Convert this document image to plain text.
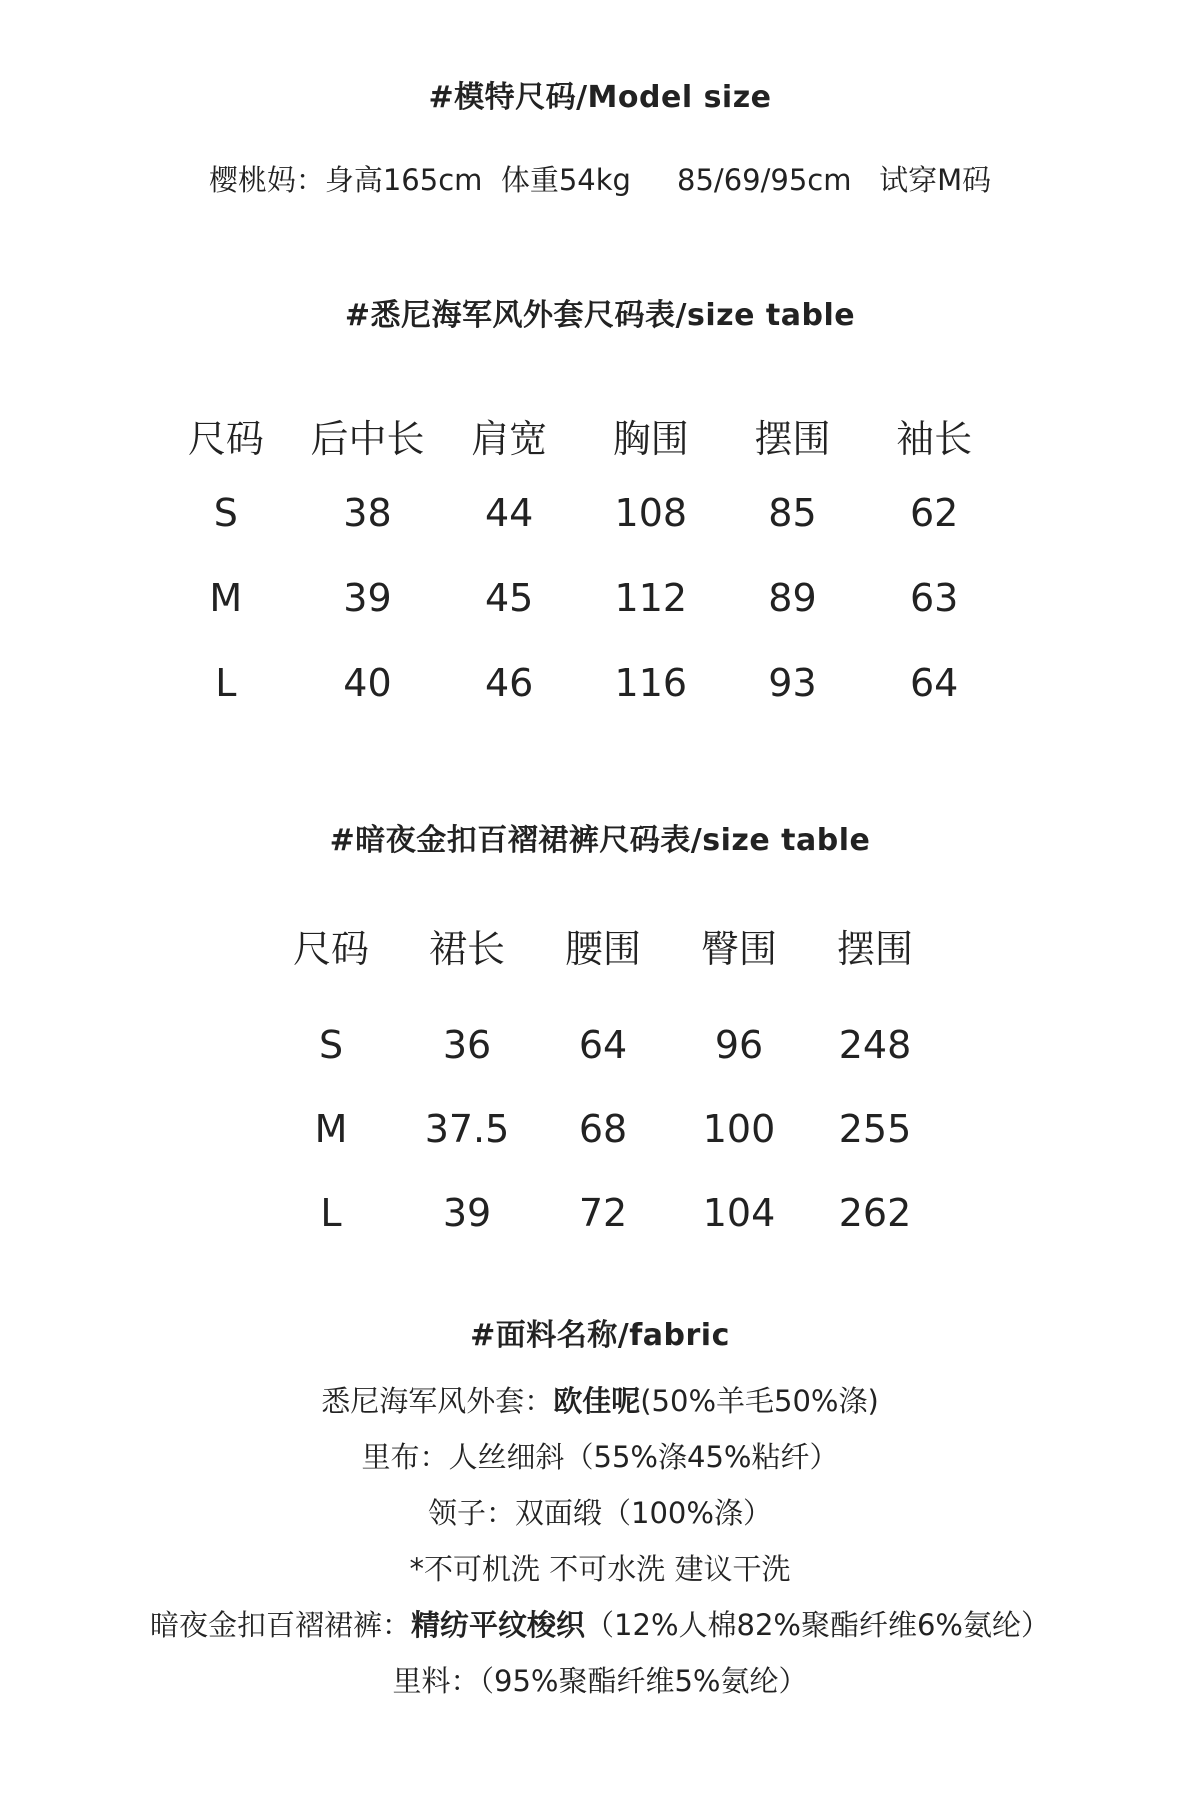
#模特尺码/Model size
樱桃妈：身高165cm  体重54kg     85/69/95cm   试穿M码
#悉尼海军风外套尺码表/size table
尺码	后中长	肩宽	胸围	摆围	袖长
S	38	44	108	85	62
M	39	45	112	89	63
L	40	46	116	93	64
#暗夜金扣百褶裙裤尺码表/size table
尺码	裙长	腰围	臀围	摆围
S	36	64	96	248
M	37.5	68	100	255
L	39	72	104	262
#面料名称/fabric
悉尼海军风外套：欧佳呢(50%羊毛50%涤)
里布：人丝细斜（55%涤45%粘纤）
领子：双面缎（100%涤）
*不可机洗 不可水洗 建议干洗
暗夜金扣百褶裙裤：精纺平纹梭织（12%人棉82%聚酯纤维6%氨纶）
里料：（95%聚酯纤维5%氨纶）
